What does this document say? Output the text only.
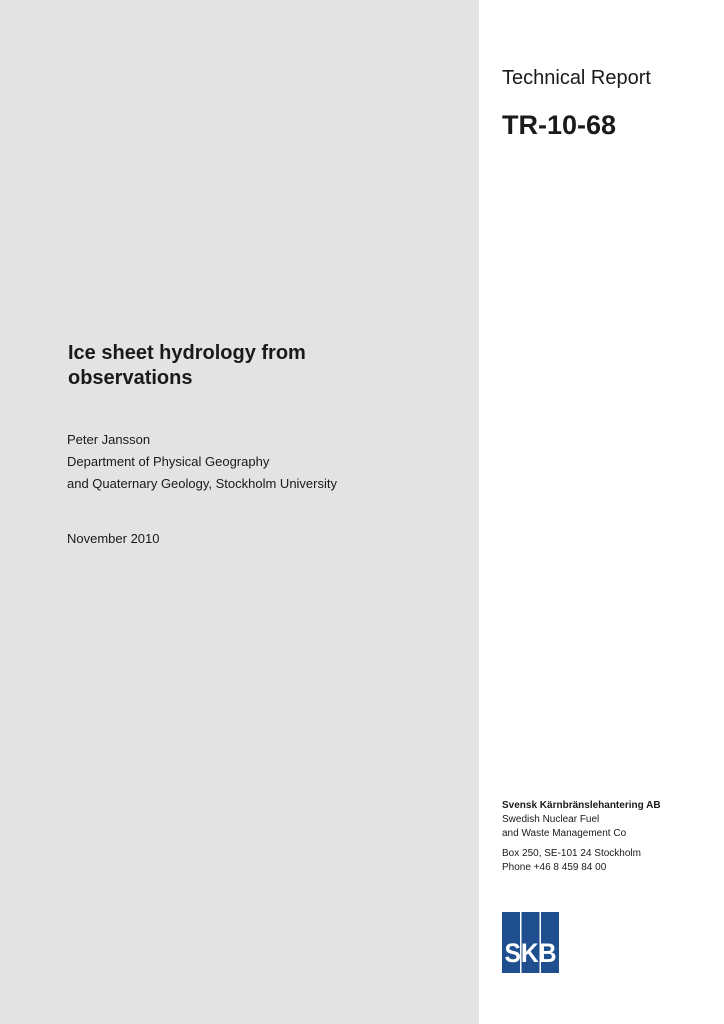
Technical Report
TR-10-68
Ice sheet hydrology from
observations
Peter Jansson
Department of Physical Geography
and Quaternary Geology, Stockholm University
November 2010
Svensk Kärnbränslehantering AB
Swedish Nuclear Fuel
and Waste Management Co
Box 250, SE-101 24 Stockholm
Phone +46 8 459 84 00
SKB
